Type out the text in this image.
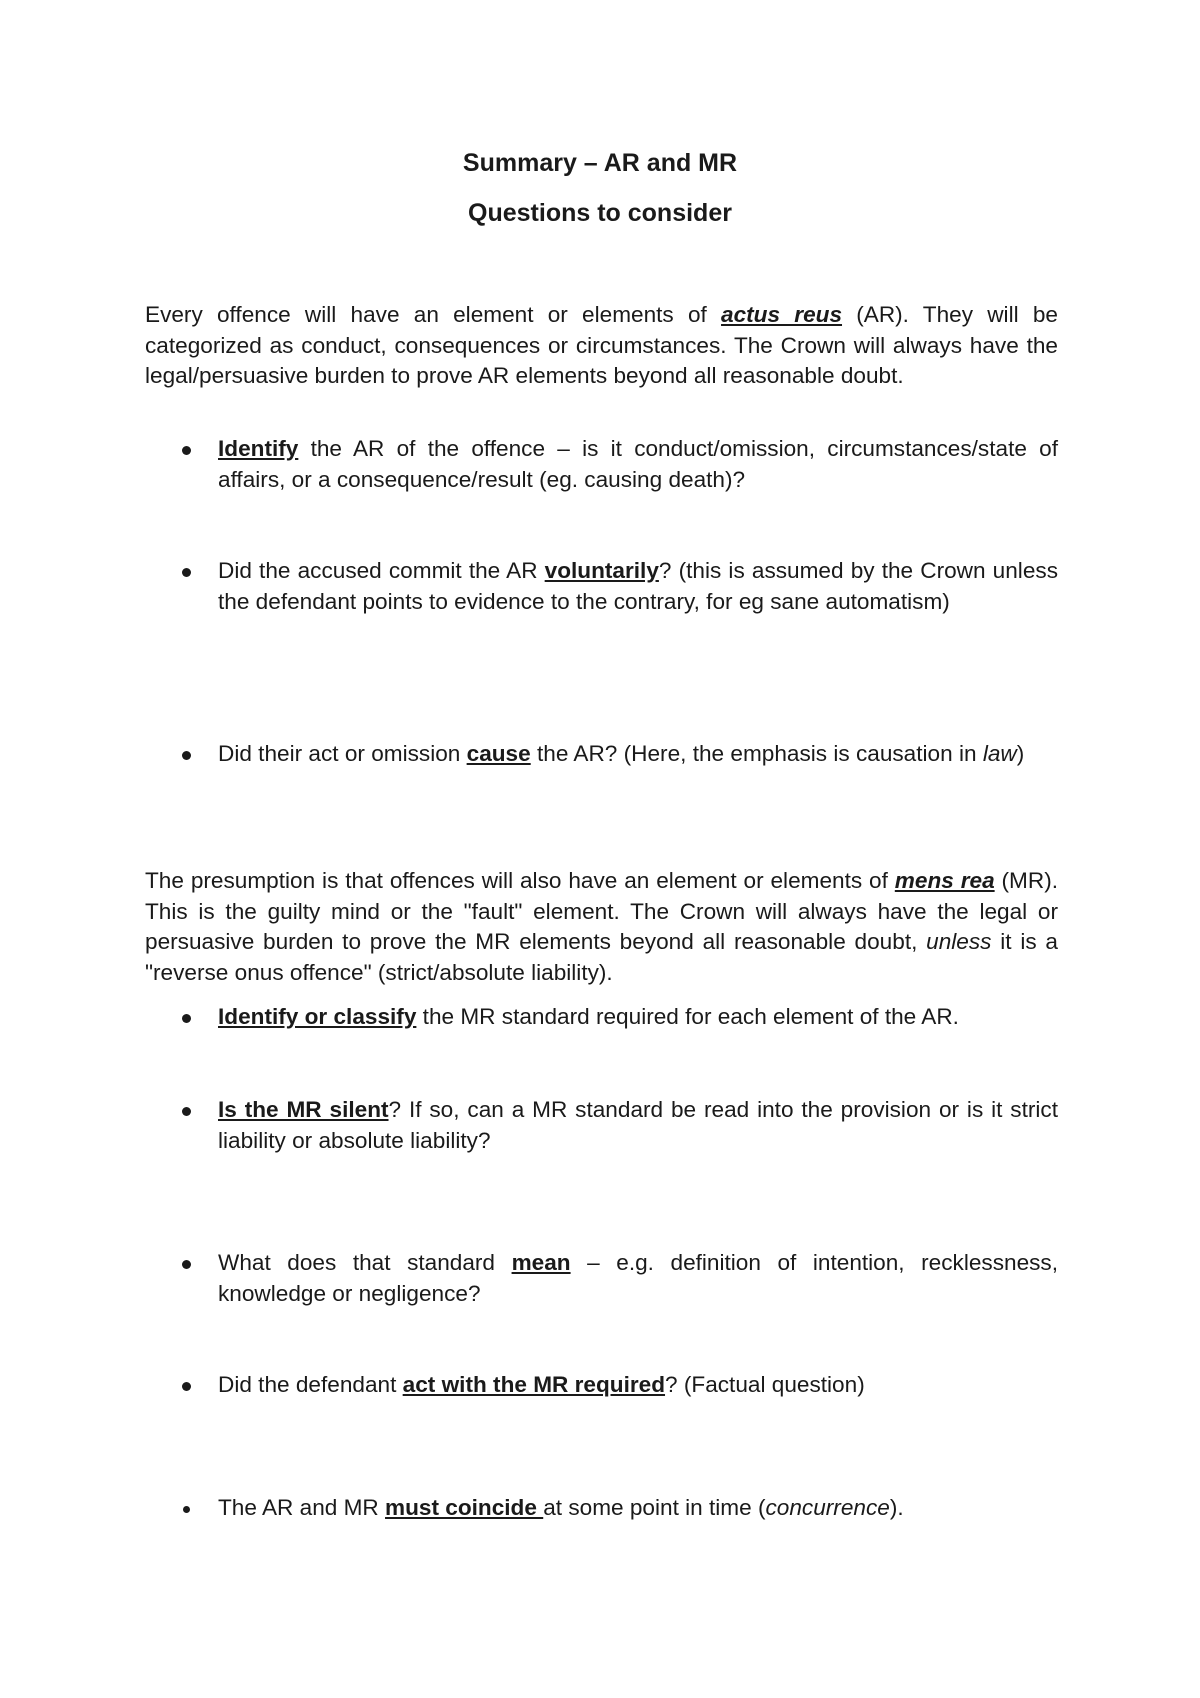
Summary – AR and MR
Questions to consider

Every offence will have an element or elements of actus reus (AR). They will be categorized as conduct, consequences or circumstances. The Crown will always have the legal/persuasive burden to prove AR elements beyond all reasonable doubt.

Identify the AR of the offence – is it conduct/omission, circumstances/state of affairs, or a consequence/result (eg. causing death)?

Did the accused commit the AR voluntarily? (this is assumed by the Crown unless the defendant points to evidence to the contrary, for eg sane automatism)

Did their act or omission cause the AR? (Here, the emphasis is causation in law)

The presumption is that offences will also have an element or elements of mens rea (MR). This is the guilty mind or the "fault" element. The Crown will always have the legal or persuasive burden to prove the MR elements beyond all reasonable doubt, unless it is a "reverse onus offence" (strict/absolute liability).

Identify or classify the MR standard required for each element of the AR.

Is the MR silent? If so, can a MR standard be read into the provision or is it strict liability or absolute liability?

What does that standard mean – e.g. definition of intention, recklessness, knowledge or negligence?

Did the defendant act with the MR required? (Factual question)

The AR and MR must coincide at some point in time (concurrence).
